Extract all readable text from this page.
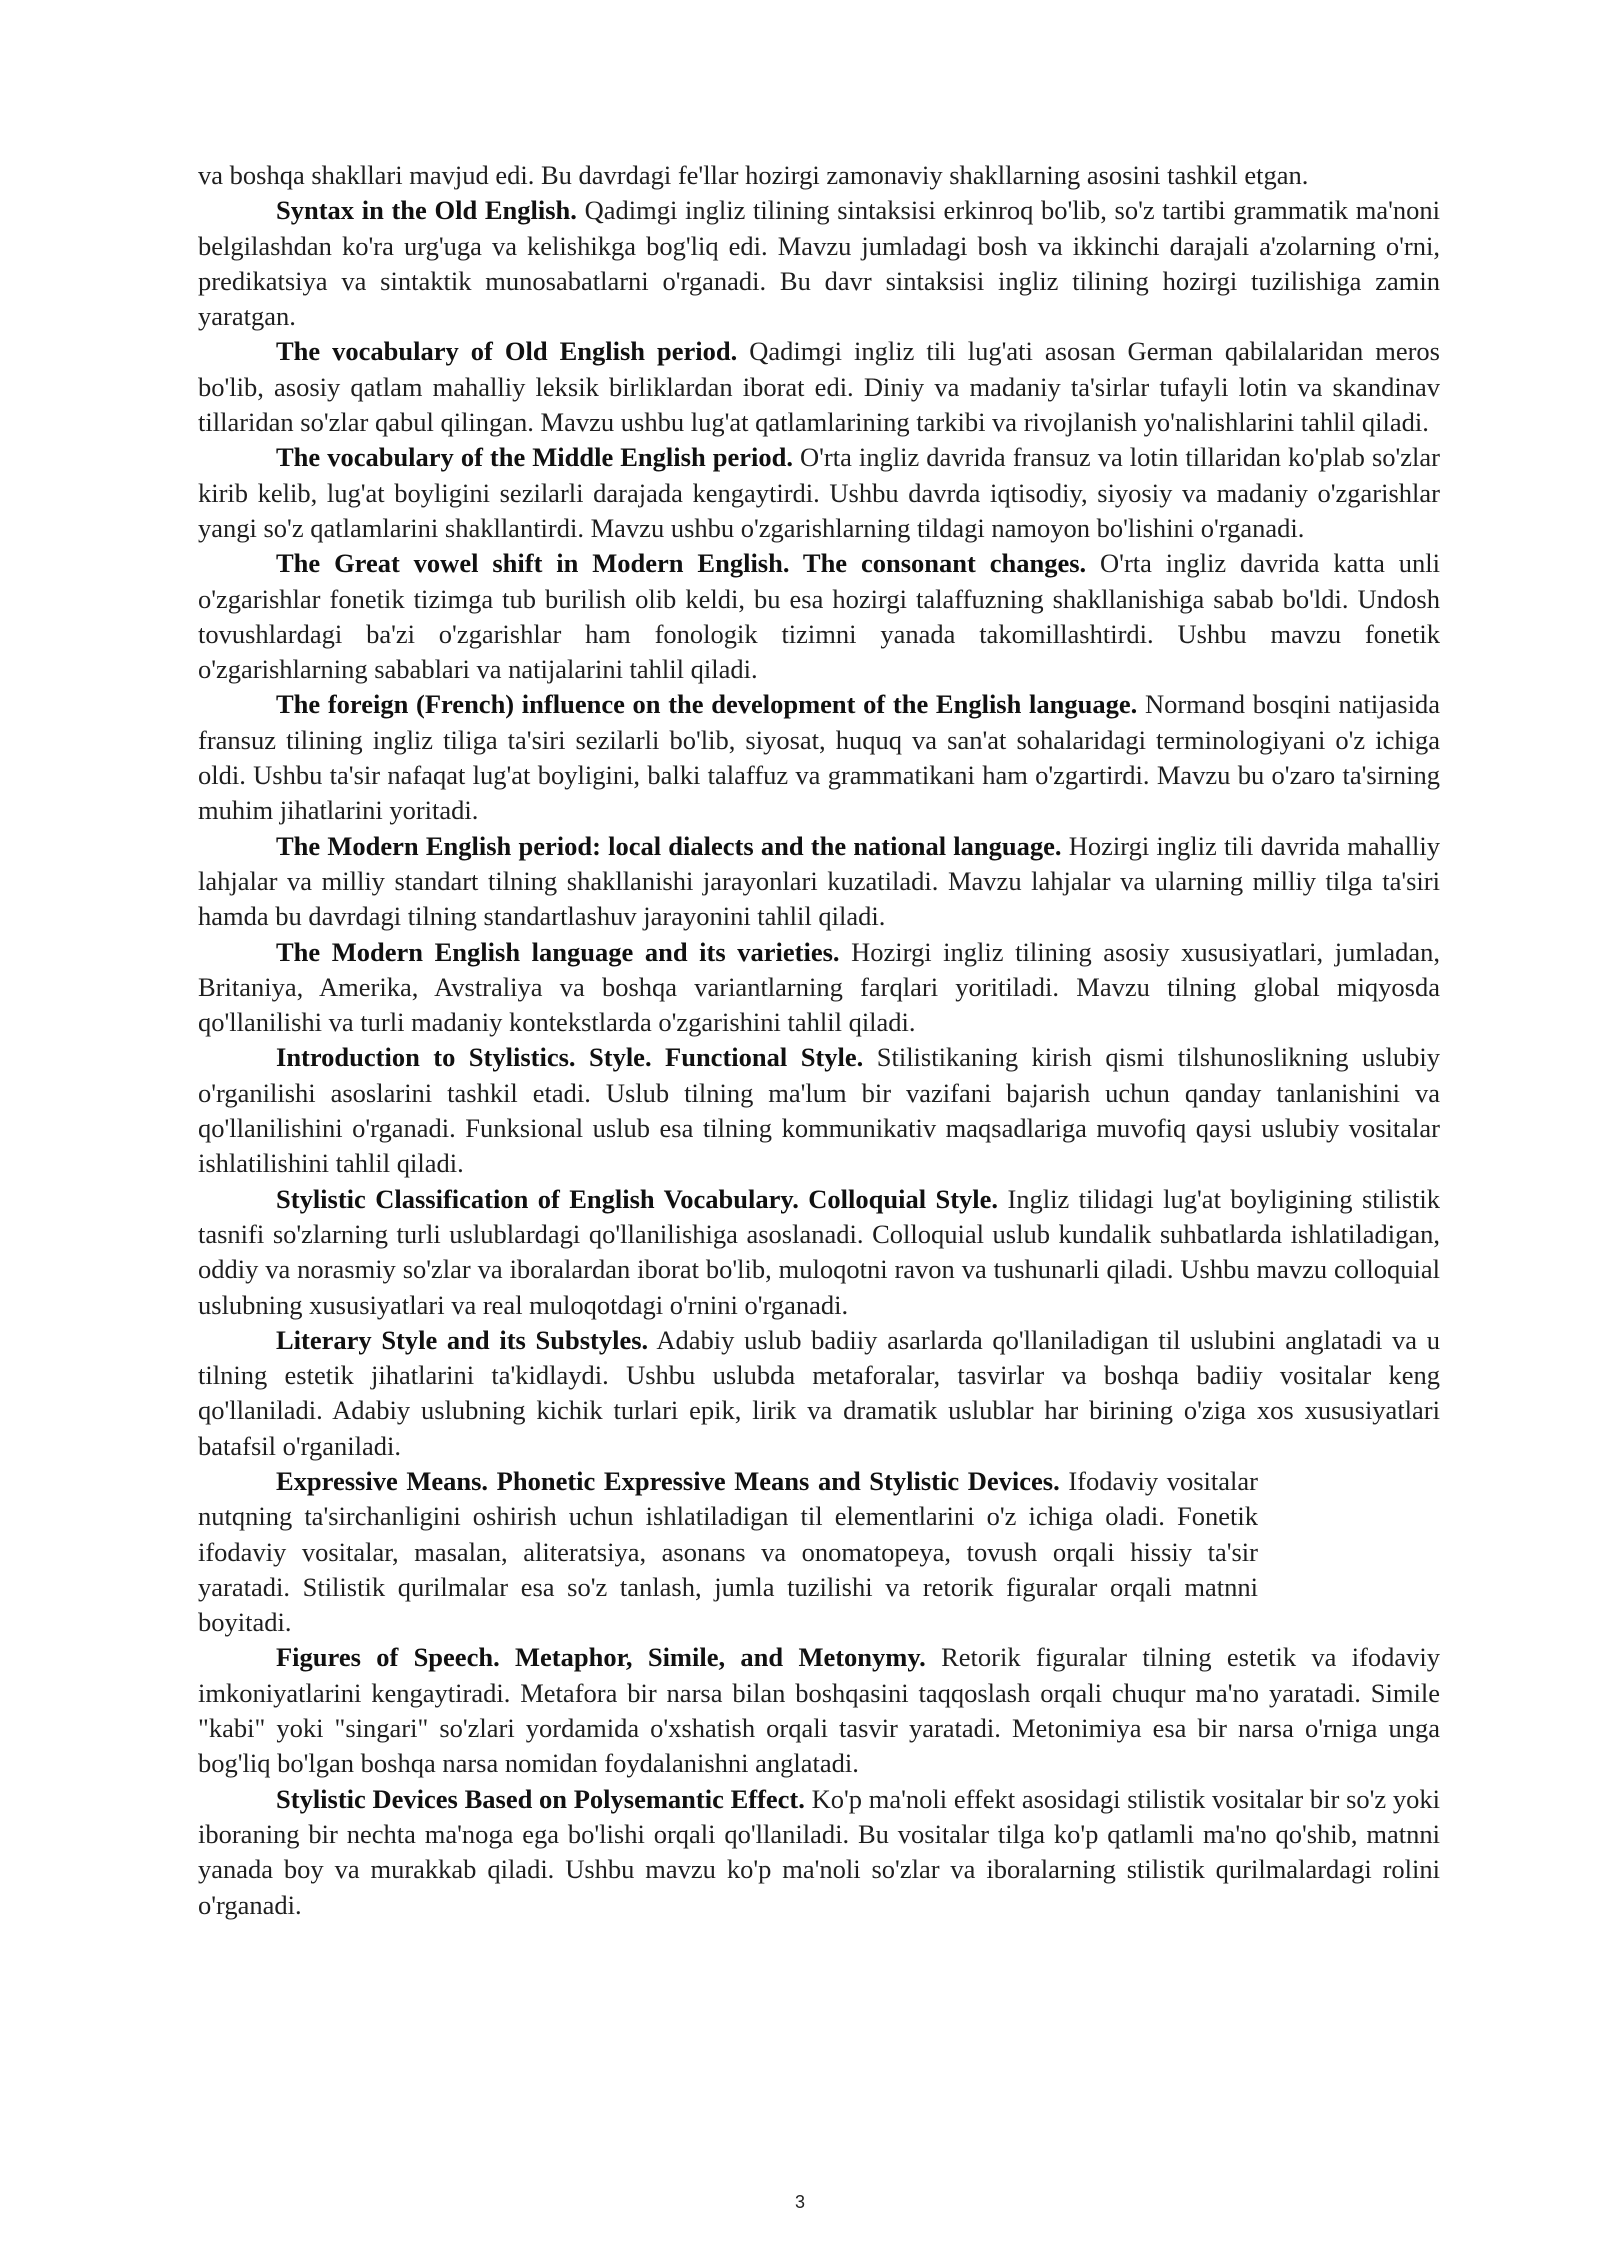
va boshqa shakllari mavjud edi. Bu davrdagi fe'llar hozirgi zamonaviy shakllarning asosini tashkil etgan.

Syntax in the Old English. Qadimgi ingliz tilining sintaksisi erkinroq bo'lib, so'z tartibi grammatik ma'noni belgilashdan ko'ra urg'uga va kelishikga bog'liq edi. Mavzu jumladagi bosh va ikkinchi darajali a'zolarning o'rni, predikatsiya va sintaktik munosabatlarni o'rganadi. Bu davr sintaksisi ingliz tilining hozirgi tuzilishiga zamin yaratgan.

The vocabulary of Old English period. Qadimgi ingliz tili lug'ati asosan German qabilalaridan meros bo'lib, asosiy qatlam mahalliy leksik birliklardan iborat edi. Diniy va madaniy ta'sirlar tufayli lotin va skandinav tillaridan so'zlar qabul qilingan. Mavzu ushbu lug'at qatlamlarining tarkibi va rivojlanish yo'nalishlarini tahlil qiladi.

The vocabulary of the Middle English period. O'rta ingliz davrida fransuz va lotin tillaridan ko'plab so'zlar kirib kelib, lug'at boyligini sezilarli darajada kengaytirdi. Ushbu davrda iqtisodiy, siyosiy va madaniy o'zgarishlar yangi so'z qatlamlarini shakllantirdi. Mavzu ushbu o'zgarishlarning tildagi namoyon bo'lishini o'rganadi.

The Great vowel shift in Modern English. The consonant changes. O'rta ingliz davrida katta unli o'zgarishlar fonetik tizimga tub burilish olib keldi, bu esa hozirgi talaffuzning shakllanishiga sabab bo'ldi. Undosh tovushlardagi ba'zi o'zgarishlar ham fonologik tizimni yanada takomillashtirdi. Ushbu mavzu fonetik o'zgarishlarning sabablari va natijalarini tahlil qiladi.

The foreign (French) influence on the development of the English language. Normand bosqini natijasida fransuz tilining ingliz tiliga ta'siri sezilarli bo'lib, siyosat, huquq va san'at sohalaridagi terminologiyani o'z ichiga oldi. Ushbu ta'sir nafaqat lug'at boyligini, balki talaffuz va grammatikani ham o'zgartirdi. Mavzu bu o'zaro ta'sirning muhim jihatlarini yoritadi.

The Modern English period: local dialects and the national language. Hozirgi ingliz tili davrida mahalliy lahjalar va milliy standart tilning shakllanishi jarayonlari kuzatiladi. Mavzu lahjalar va ularning milliy tilga ta'siri hamda bu davrdagi tilning standartlashuv jarayonini tahlil qiladi.

The Modern English language and its varieties. Hozirgi ingliz tilining asosiy xususiyatlari, jumladan, Britaniya, Amerika, Avstraliya va boshqa variantlarning farqlari yoritiladi. Mavzu tilning global miqyosda qo'llanilishi va turli madaniy kontekstlarda o'zgarishini tahlil qiladi.

Introduction to Stylistics. Style. Functional Style. Stilistikaning kirish qismi tilshunoslikning uslubiy o'rganilishi asoslarini tashkil etadi. Uslub tilning ma'lum bir vazifani bajarish uchun qanday tanlanishini va qo'llanilishini o'rganadi. Funksional uslub esa tilning kommunikativ maqsadlariga muvofiq qaysi uslubiy vositalar ishlatilishini tahlil qiladi.

Stylistic Classification of English Vocabulary. Colloquial Style. Ingliz tilidagi lug'at boyligining stilistik tasnifi so'zlarning turli uslublardagi qo'llanilishiga asoslanadi. Colloquial uslub kundalik suhbatlarda ishlatiladigan, oddiy va norasmiy so'zlar va iboralardan iborat bo'lib, muloqotni ravon va tushunarli qiladi. Ushbu mavzu colloquial uslubning xususiyatlari va real muloqotdagi o'rnini o'rganadi.

Literary Style and its Substyles. Adabiy uslub badiiy asarlarda qo'llaniladigan til uslubini anglatadi va u tilning estetik jihatlarini ta'kidlaydi. Ushbu uslubda metaforalar, tasvirlar va boshqa badiiy vositalar keng qo'llaniladi. Adabiy uslubning kichik turlari epik, lirik va dramatik uslublar har birining o'ziga xos xususiyatlari batafsil o'rganiladi.

Expressive Means. Phonetic Expressive Means and Stylistic Devices. Ifodaviy vositalar nutqning ta'sirchanligini oshirish uchun ishlatiladigan til elementlarini o'z ichiga oladi. Fonetik ifodaviy vositalar, masalan, aliteratsiya, asonans va onomatopeya, tovush orqali hissiy ta'sir yaratadi. Stilistik qurilmalar esa so'z tanlash, jumla tuzilishi va retorik figuralar orqali matnni boyitadi.

Figures of Speech. Metaphor, Simile, and Metonymy. Retorik figuralar tilning estetik va ifodaviy imkoniyatlarini kengaytiradi. Metafora bir narsa bilan boshqasini taqqoslash orqali chuqur ma'no yaratadi. Simile "kabi" yoki "singari" so'zlari yordamida o'xshatish orqali tasvir yaratadi. Metonimiya esa bir narsa o'rniga unga bog'liq bo'lgan boshqa narsa nomidan foydalanishni anglatadi.

Stylistic Devices Based on Polysemantic Effect. Ko'p ma'noli effekt asosidagi stilistik vositalar bir so'z yoki iboraning bir nechta ma'noga ega bo'lishi orqali qo'llaniladi. Bu vositalar tilga ko'p qatlamli ma'no qo'shib, matnni yanada boy va murakkab qiladi. Ushbu mavzu ko'p ma'noli so'zlar va iboralarning stilistik qurilmalardagi rolini o'rganadi.

3
